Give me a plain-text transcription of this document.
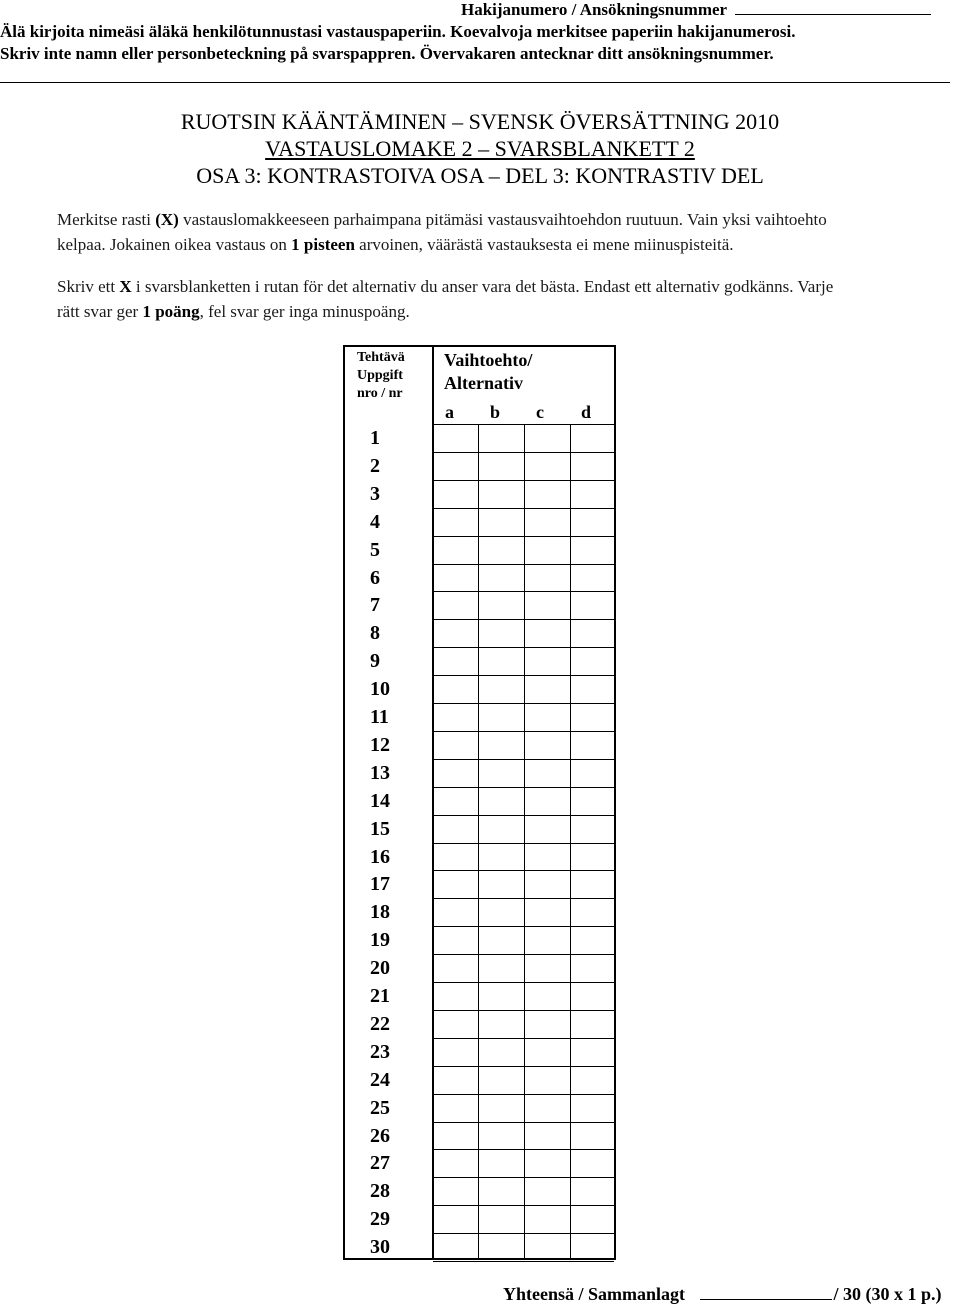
Hakijanumero / Ansökningsnummer
Älä kirjoita nimeäsi äläkä henkilötunnustasi vastauspaperiin. Koevalvoja merkitsee paperiin hakijanumerosi.
Skriv inte namn eller personbeteckning på svarspappren. Övervakaren antecknar ditt ansökningsnummer.
RUOTSIN KÄÄNTÄMINEN – SVENSK ÖVERSÄTTNING 2010
VASTAUSLOMAKE 2 – SVARSBLANKETT 2
OSA 3: KONTRASTOIVA OSA – DEL 3: KONTRASTIV DEL
Merkitse rasti (X) vastauslomakkeeseen parhaimpana pitämäsi vastausvaihtoehdon ruutuun. Vain yksi vaihtoehto
kelpaa. Jokainen oikea vastaus on 1 pisteen arvoinen, väärästä vastauksesta ei mene miinuspisteitä.
Skriv ett X i svarsblanketten i rutan för det alternativ du anser vara det bästa. Endast ett alternativ godkänns. Varje
rätt svar ger 1 poäng, fel svar ger inga minuspoäng.
Tehtävä
Uppgift
nro / nr
Vaihtoehto/
Alternativ
a b c d
1
2
3
4
5
6
7
8
9
10
11
12
13
14
15
16
17
18
19
20
21
22
23
24
25
26
27
28
29
30
Yhteensä / Sammanlagt	/ 30 (30 x 1 p.)
